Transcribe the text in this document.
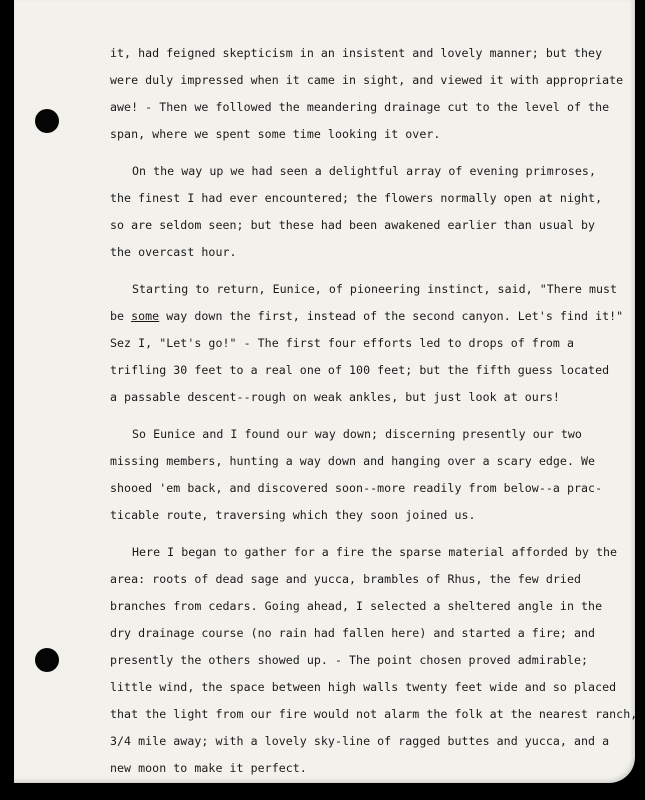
it, had feigned skepticism in an insistent and lovely manner; but they
were duly impressed when it came in sight, and viewed it with appropriate
awe! - Then we followed the meandering drainage cut to the level of the
span, where we spent some time looking it over.
On the way up we had seen a delightful array of evening primroses,
the finest I had ever encountered; the flowers normally open at night,
so are seldom seen; but these had been awakened earlier than usual by
the overcast hour.
Starting to return, Eunice, of pioneering instinct, said, "There must
be some way down the first, instead of the second canyon. Let's find it!"
Sez I, "Let's go!" - The first four efforts led to drops of from a
trifling 30 feet to a real one of 100 feet; but the fifth guess located
a passable descent--rough on weak ankles, but just look at ours!
So Eunice and I found our way down; discerning presently our two
missing members, hunting a way down and hanging over a scary edge. We
shooed 'em back, and discovered soon--more readily from below--a prac-
ticable route, traversing which they soon joined us.
Here I began to gather for a fire the sparse material afforded by the
area: roots of dead sage and yucca, brambles of Rhus, the few dried
branches from cedars. Going ahead, I selected a sheltered angle in the
dry drainage course (no rain had fallen here) and started a fire; and
presently the others showed up. - The point chosen proved admirable;
little wind, the space between high walls twenty feet wide and so placed
that the light from our fire would not alarm the folk at the nearest ranch,
3/4 mile away; with a lovely sky-line of ragged buttes and yucca, and a
new moon to make it perfect.
